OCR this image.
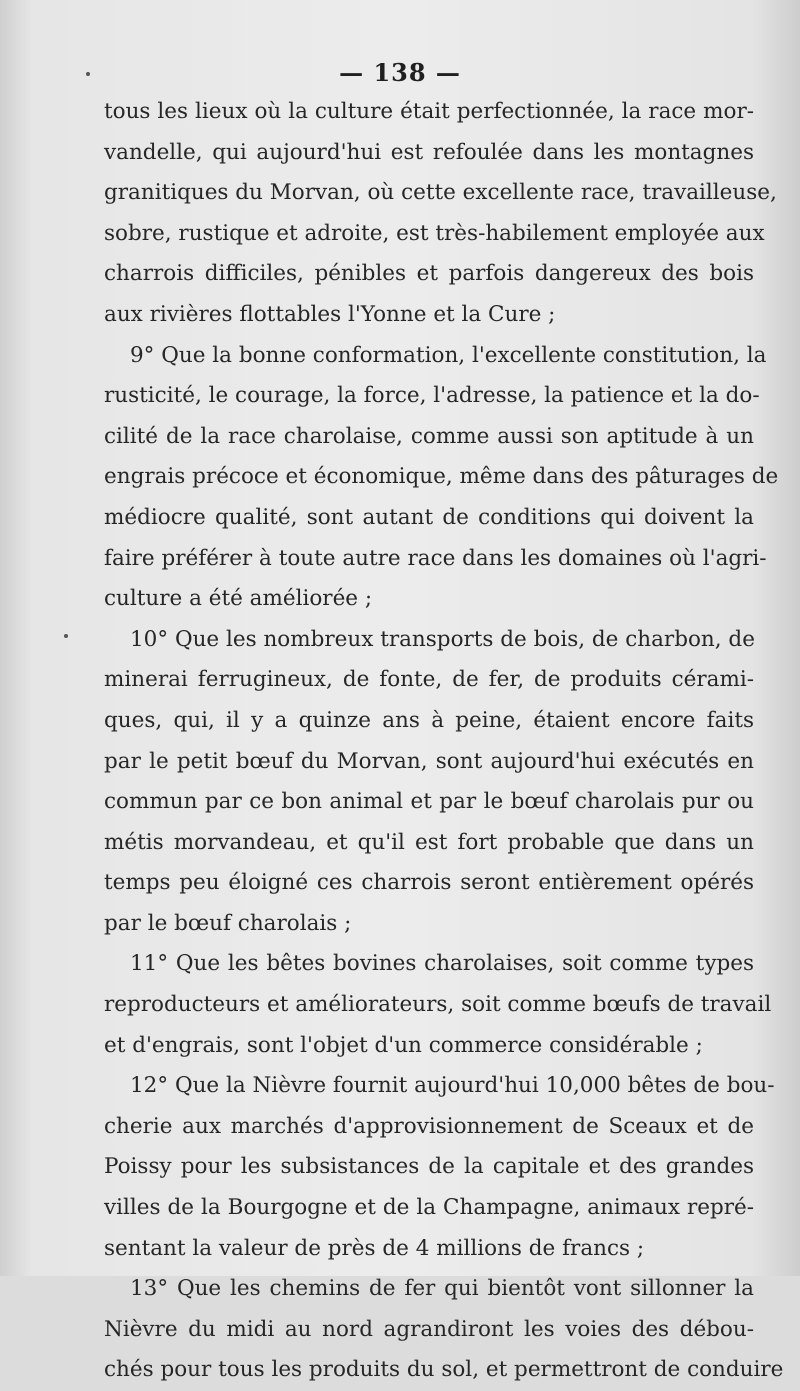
— 138 —
tous les lieux où la culture était perfectionnée, la race mor-
vandelle, qui aujourd'hui est refoulée dans les montagnes
granitiques du Morvan, où cette excellente race, travailleuse,
sobre, rustique et adroite, est très-habilement employée aux
charrois difficiles, pénibles et parfois dangereux des bois
aux rivières flottables l'Yonne et la Cure ;
9° Que la bonne conformation, l'excellente constitution, la
rusticité, le courage, la force, l'adresse, la patience et la do-
cilité de la race charolaise, comme aussi son aptitude à un
engrais précoce et économique, même dans des pâturages de
médiocre qualité, sont autant de conditions qui doivent la
faire préférer à toute autre race dans les domaines où l'agri-
culture a été améliorée ;
10° Que les nombreux transports de bois, de charbon, de
minerai ferrugineux, de fonte, de fer, de produits cérami-
ques, qui, il y a quinze ans à peine, étaient encore faits
par le petit bœuf du Morvan, sont aujourd'hui exécutés en
commun par ce bon animal et par le bœuf charolais pur ou
métis morvandeau, et qu'il est fort probable que dans un
temps peu éloigné ces charrois seront entièrement opérés
par le bœuf charolais ;
11° Que les bêtes bovines charolaises, soit comme types
reproducteurs et améliorateurs, soit comme bœufs de travail
et d'engrais, sont l'objet d'un commerce considérable ;
12° Que la Nièvre fournit aujourd'hui 10,000 bêtes de bou-
cherie aux marchés d'approvisionnement de Sceaux et de
Poissy pour les subsistances de la capitale et des grandes
villes de la Bourgogne et de la Champagne, animaux repré-
sentant la valeur de près de 4 millions de francs ;
13° Que les chemins de fer qui bientôt vont sillonner la
Nièvre du midi au nord agrandiront les voies des débou-
chés pour tous les produits du sol, et permettront de conduire
